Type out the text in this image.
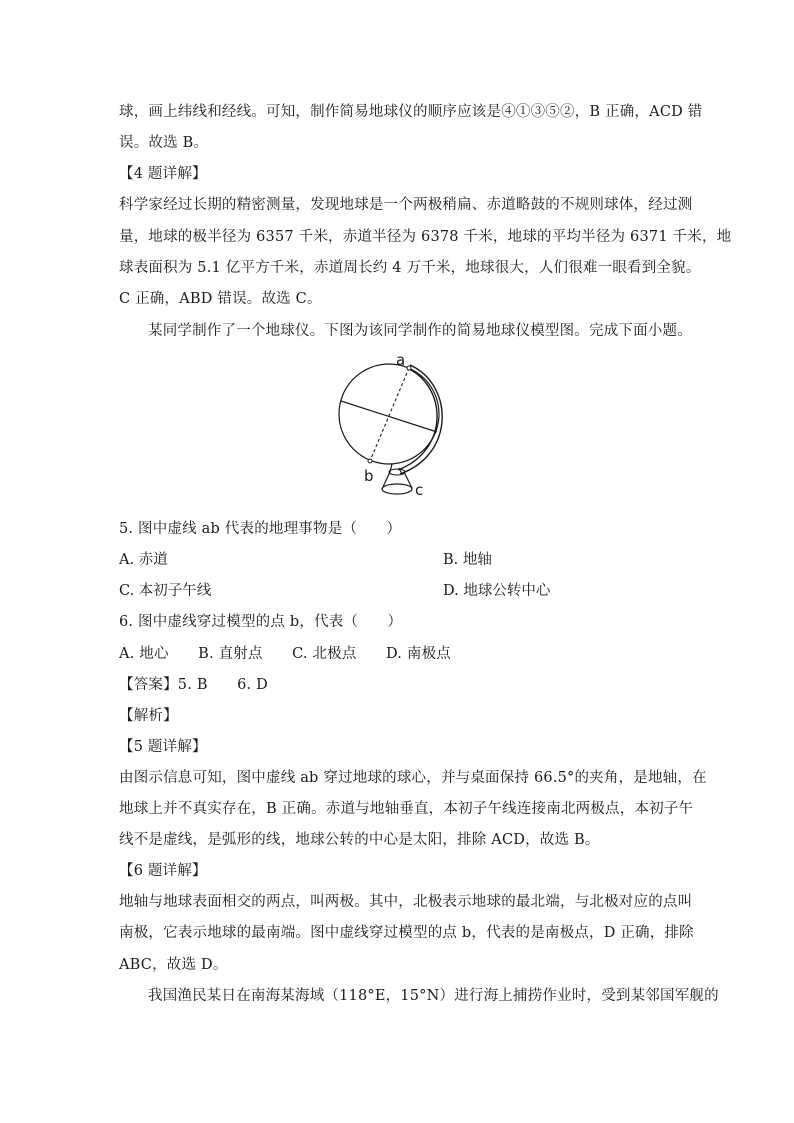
球，画上纬线和经线。可知，制作简易地球仪的顺序应该是④①③⑤②，B 正确，ACD 错
误。故选 B。
【4 题详解】
科学家经过长期的精密测量，发现地球是一个两极稍扁、赤道略鼓的不规则球体，经过测
量，地球的极半径为 6357 千米，赤道半径为 6378 千米，地球的平均半径为 6371 千米，地
球表面积为 5.1 亿平方千米，赤道周长约 4 万千米，地球很大，人们很难一眼看到全貌。
C 正确，ABD 错误。故选 C。
某同学制作了一个地球仪。下图为该同学制作的简易地球仪模型图。完成下面小题。
a
b
c
5. 图中虚线 ab 代表的地理事物是（　　）
A. 赤道	B. 地轴
C. 本初子午线	D. 地球公转中心
6. 图中虚线穿过模型的点 b，代表（　　）
A. 地心　　B. 直射点　　C. 北极点　　D. 南极点
【答案】5. B　　6. D
【解析】
【5 题详解】
由图示信息可知，图中虚线 ab 穿过地球的球心，并与桌面保持 66.5°的夹角，是地轴，在
地球上并不真实存在，B 正确。赤道与地轴垂直，本初子午线连接南北两极点，本初子午
线不是虚线，是弧形的线，地球公转的中心是太阳，排除 ACD，故选 B。
【6 题详解】
地轴与地球表面相交的两点，叫两极。其中，北极表示地球的最北端，与北极对应的点叫
南极，它表示地球的最南端。图中虚线穿过模型的点 b，代表的是南极点，D 正确，排除
ABC，故选 D。
我国渔民某日在南海某海域（118°E，15°N）进行海上捕捞作业时，受到某邻国军舰的
